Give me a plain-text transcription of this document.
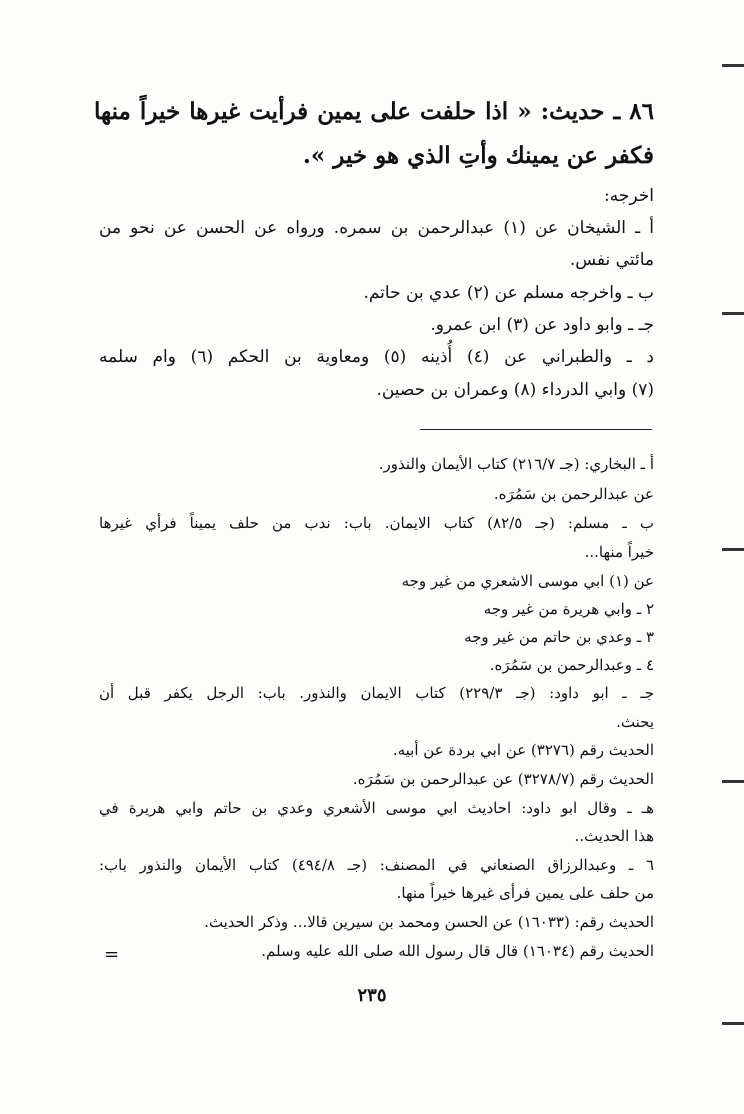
٨٦ ـ حديث: « اذا حلفت على يمين فرأيت غيرها خيراً منها
فكفر عن يمينك وأتِ الذي هو خير ».
اخرجه:
أ ـ الشيخان عن (١) عبدالرحمن بن سمره. ورواه عن الحسن عن نحو من
مائتي نفس.
ب ـ واخرجه مسلم عن (٢) عدي بن حاتم.
جـ ـ وابو داود عن (٣) ابن عمرو.
د ـ والطبراني عن (٤) أُذينه (٥) ومعاوية بن الحكم (٦) وام سلمه
(٧) وابي الدرداء (٨) وعمران بن حصين.
أ ـ البخاري: (جـ ٢١٦/٧) كتاب الأيمان والنذور.
عن عبدالرحمن بن سَمُرَه.
ب ـ مسلم: (جـ ٨٢/٥) كتاب الايمان. باب: ندب من حلف يميناً فرأي غيرها
خيراً منها...
عن (١) ابي موسى الاشعري من غير وجه
٢ ـ وابي هريرة من غير وجه
٣ ـ وعدي بن حاتم من غير وجه
٤ ـ وعبدالرحمن بن سَمُرَه.
جـ ـ ابو داود: (جـ ٢٢٩/٣) كتاب الايمان والنذور. باب: الرجل يكفر قبل أن
يحنث.
الحديث رقم (٣٢٧٦) عن ابي بردة عن أبيه.
الحديث رقم (٣٢٧٨/٧) عن عبدالرحمن بن سَمُرَه.
هـ ـ وقال ابو داود: احاديث ابي موسى الأشعري وعدي بن حاتم وابي هريرة في
هذا الحديث..
٦ ـ وعبدالرزاق الصنعاني في المصنف: (جـ ٤٩٤/٨) كتاب الأيمان والنذور باب:
من حلف على يمين فرأى غيرها خيراً منها.
الحديث رقم: (١٦٠٣٣) عن الحسن ومحمد بن سيرين قالا... وذكر الحديث.
الحديث رقم (١٦٠٣٤) قال قال رسول الله صلى الله عليه وسلم.
=
٢٣٥
